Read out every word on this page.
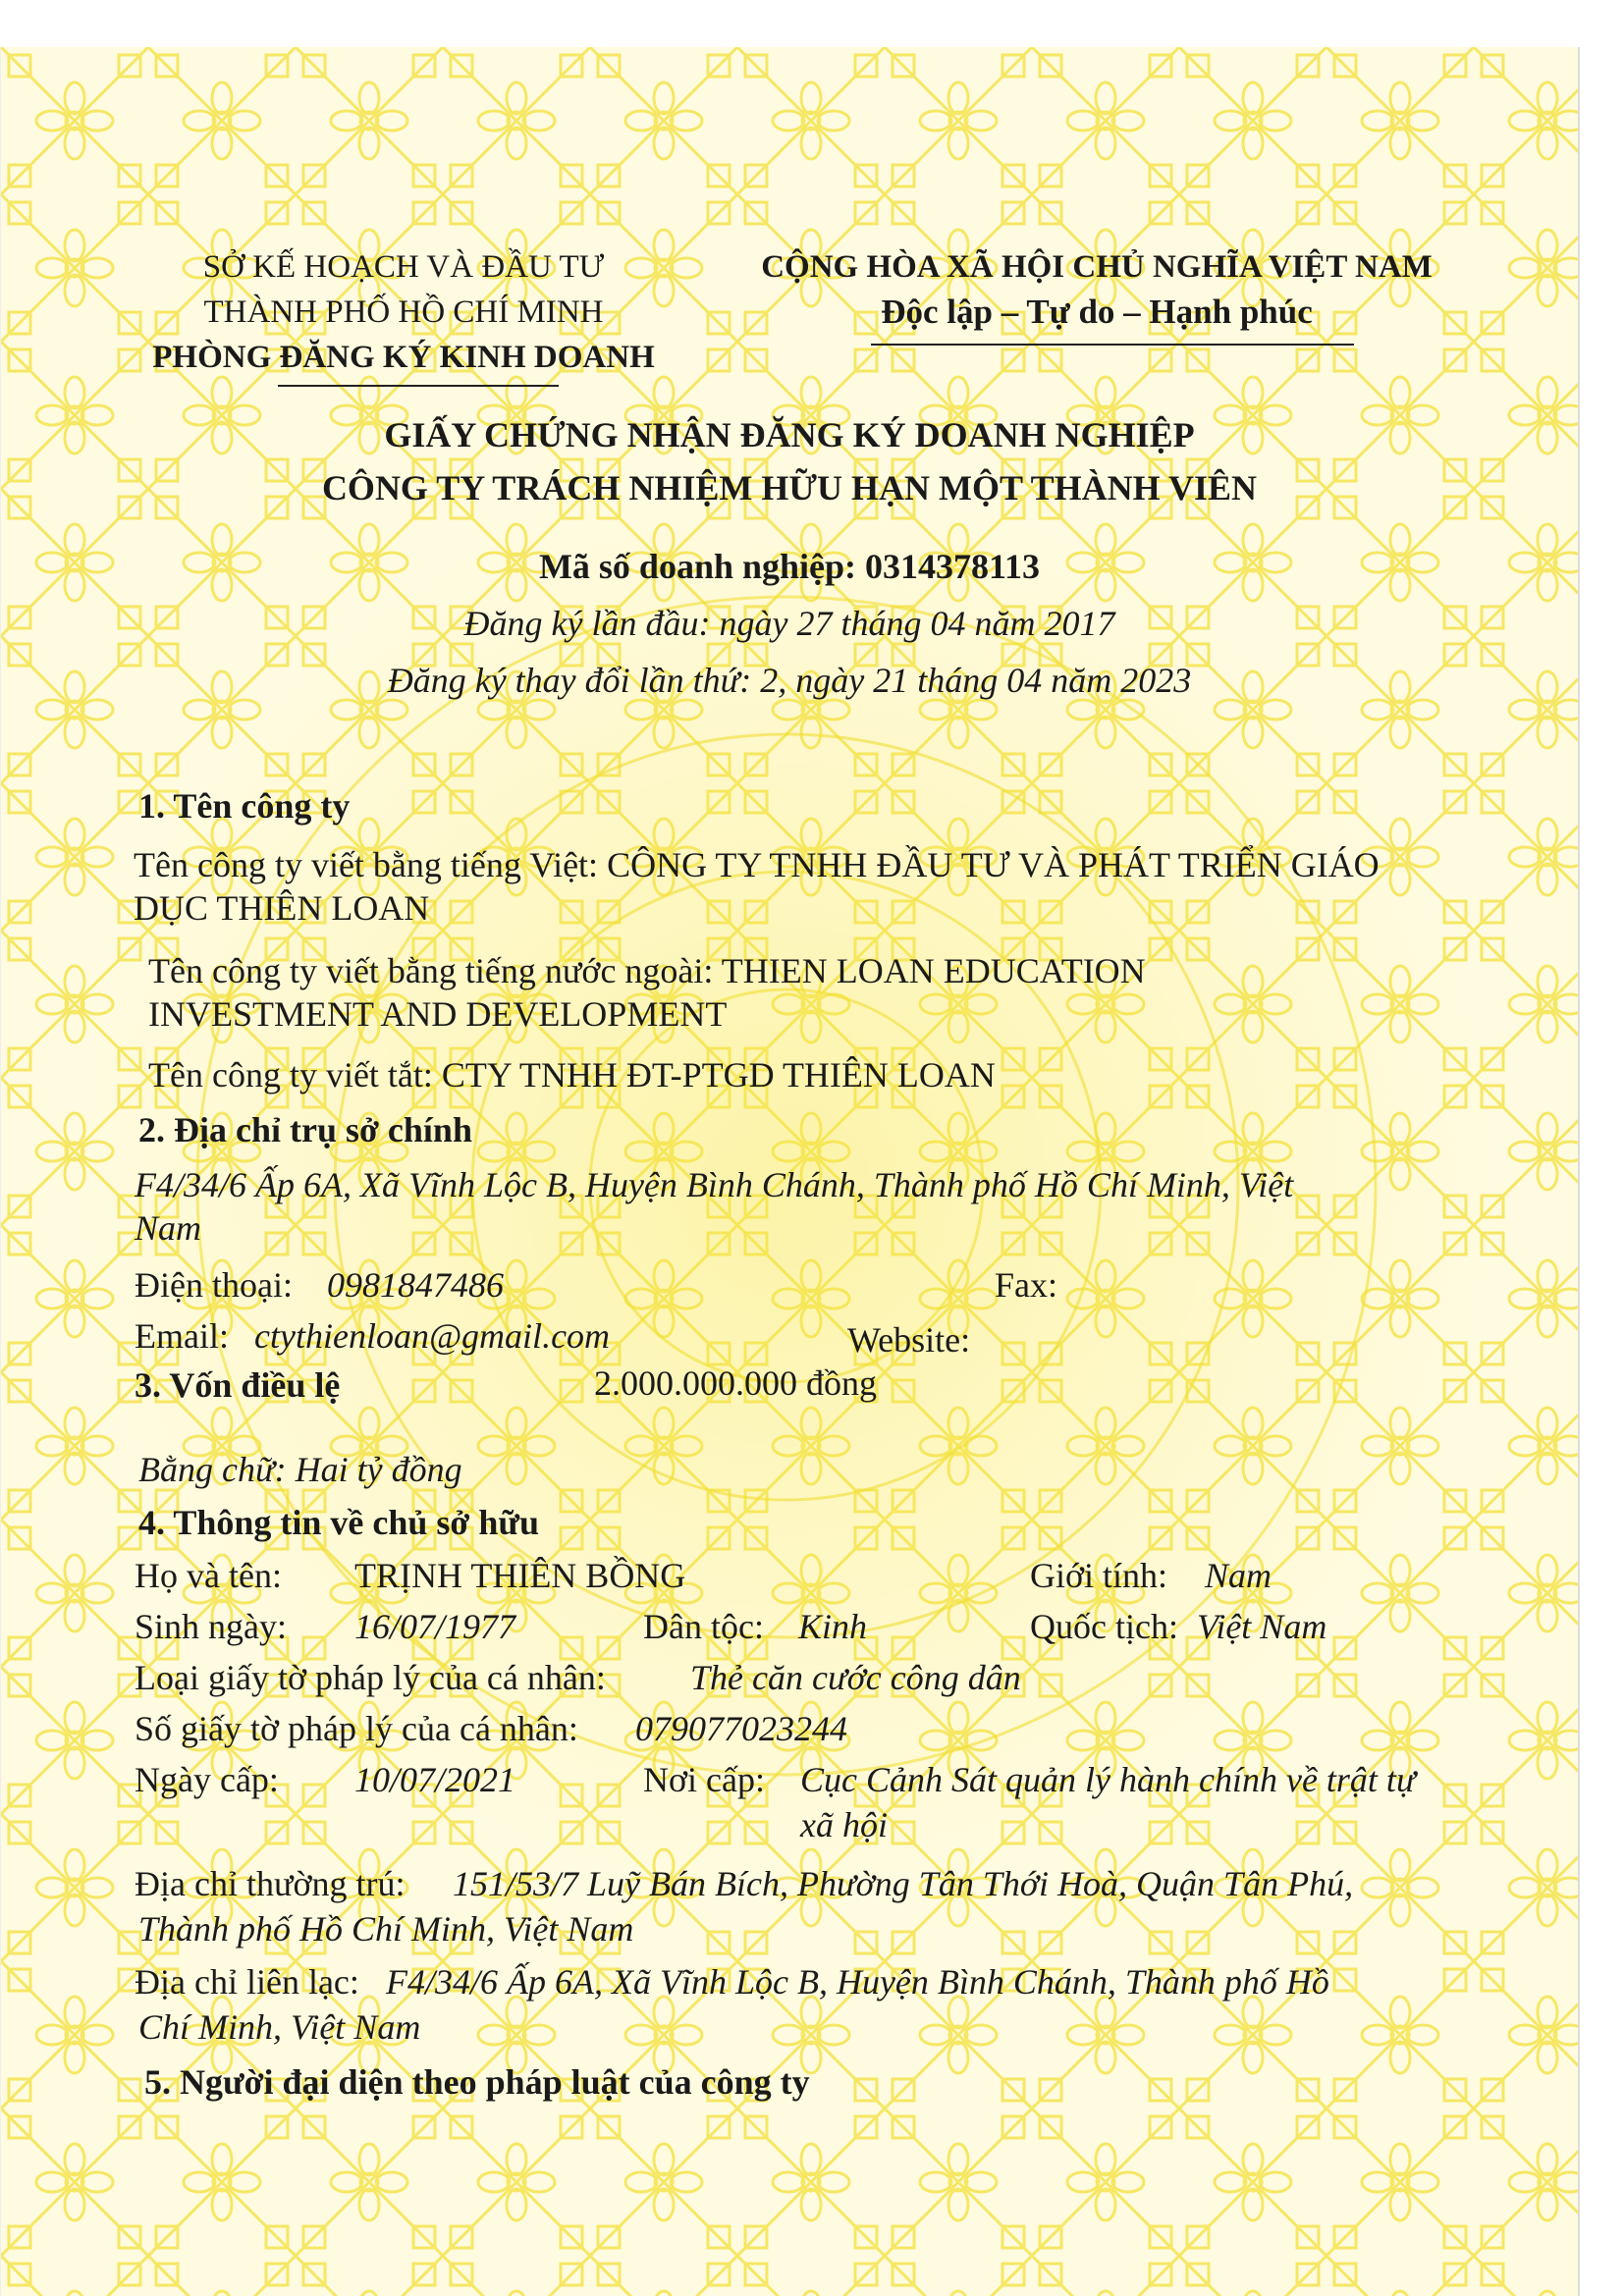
SỞ KẾ HOẠCH VÀ ĐẦU TƯ
THÀNH PHỐ HỒ CHÍ MINH
PHÒNG ĐĂNG KÝ KINH DOANH
CỘNG HÒA XÃ HỘI CHỦ NGHĨA VIỆT NAM
Độc lập – Tự do – Hạnh phúc
GIẤY CHỨNG NHẬN ĐĂNG KÝ DOANH NGHIỆP
CÔNG TY TRÁCH NHIỆM HỮU HẠN MỘT THÀNH VIÊN
Mã số doanh nghiệp: 0314378113
Đăng ký lần đầu: ngày 27 tháng 04 năm 2017
Đăng ký thay đổi lần thứ: 2, ngày 21 tháng 04 năm 2023
1. Tên công ty
Tên công ty viết bằng tiếng Việt: CÔNG TY TNHH ĐẦU TƯ VÀ PHÁT TRIỂN GIÁO
DỤC THIÊN LOAN
Tên công ty viết bằng tiếng nước ngoài: THIEN LOAN EDUCATION
INVESTMENT AND DEVELOPMENT
Tên công ty viết tắt: CTY TNHH ĐT-PTGD THIÊN LOAN
2. Địa chỉ trụ sở chính
F4/34/6 Ấp 6A, Xã Vĩnh Lộc B, Huyện Bình Chánh, Thành phố Hồ Chí Minh, Việt
Nam
Điện thoại: 0981847486	Fax:
Email: ctythienloan@gmail.com	Website:
3. Vốn điều lệ	2.000.000.000 đồng
Bằng chữ: Hai tỷ đồng
4. Thông tin về chủ sở hữu
Họ và tên: TRỊNH THIÊN BỒNG	Giới tính: Nam
Sinh ngày: 16/07/1977	Dân tộc: Kinh	Quốc tịch: Việt Nam
Loại giấy tờ pháp lý của cá nhân: Thẻ căn cước công dân
Số giấy tờ pháp lý của cá nhân: 079077023244
Ngày cấp: 10/07/2021	Nơi cấp: Cục Cảnh Sát quản lý hành chính về trật tự
xã hội
Địa chỉ thường trú: 151/53/7 Luỹ Bán Bích, Phường Tân Thới Hoà, Quận Tân Phú,
Thành phố Hồ Chí Minh, Việt Nam
Địa chỉ liên lạc: F4/34/6 Ấp 6A, Xã Vĩnh Lộc B, Huyện Bình Chánh, Thành phố Hồ
Chí Minh, Việt Nam
5. Người đại diện theo pháp luật của công ty
